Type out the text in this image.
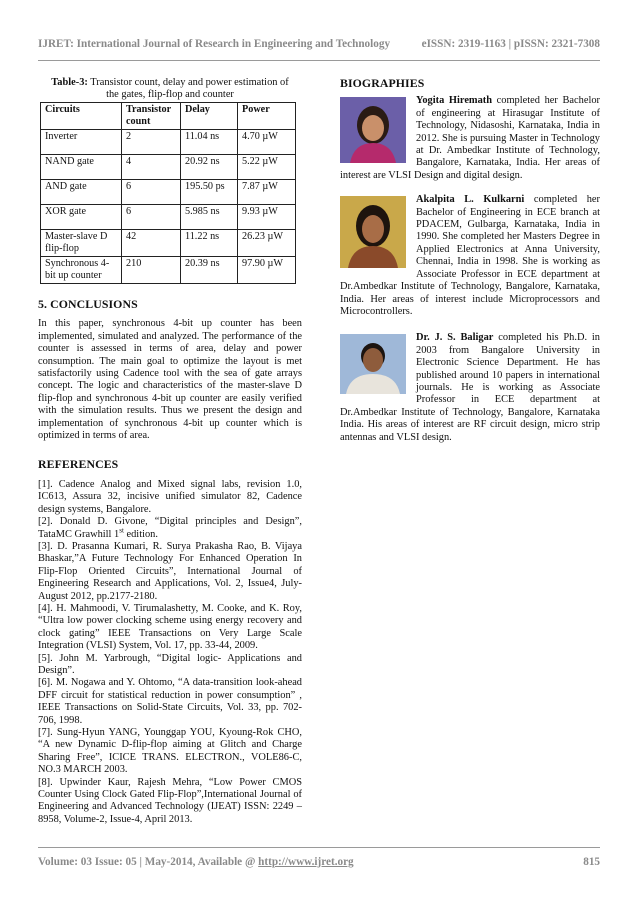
IJRET: International Journal of Research in Engineering and Technology	eISSN: 2319-1163 | pISSN: 2321-7308
Table-3: Transistor count, delay and power estimation of
the gates, flip-flop and counter
Circuits	Transistor count	Delay	Power
Inverter	2	11.04 ns	4.70 µW
NAND gate	4	20.92 ns	5.22 µW
AND gate	6	195.50 ps	7.87 µW
XOR gate	6	5.985 ns	9.93 µW
Master-slave D flip-flop	42	11.22 ns	26.23 µW
Synchronous 4-bit up counter	210	20.39 ns	97.90 µW
5. CONCLUSIONS

In this paper, synchronous 4-bit up counter has been implemented, simulated and analyzed. The performance of the counter is assessed in terms of area, delay and power consumption. The main goal to optimize the layout is met satisfactorily using Cadence tool with the sea of gate arrays concept. The logic and characteristics of the master-slave D flip-flop and synchronous 4-bit up counter are easily verified with the simulation results. Thus we present the design and implementation of synchronous 4-bit up counter which is optimized in terms of area.

REFERENCES

[1]. Cadence Analog and Mixed signal labs, revision 1.0, IC613, Assura 32, incisive unified simulator 82, Cadence design systems, Bangalore.

[2]. Donald D. Givone, “Digital principles and Design”, TataMC Grawhill 1st edition.

[3]. D. Prasanna Kumari, R. Surya Prakasha Rao, B. Vijaya Bhaskar,”A Future Technology For Enhanced Operation In Flip-Flop Oriented Circuits”, International Journal of Engineering Research and Applications, Vol. 2, Issue4, July-August 2012, pp.2177-2180.

[4]. H. Mahmoodi, V. Tirumalashetty, M. Cooke, and K. Roy, “Ultra low power clocking scheme using energy recovery and clock gating” IEEE Transactions on Very Large Scale Integration (VLSI) System, Vol. 17, pp. 33-44, 2009.

[5]. John M. Yarbrough, “Digital logic- Applications and Design”.

[6]. M. Nogawa and Y. Ohtomo, “A data-transition look-ahead DFF circuit for statistical reduction in power consumption” , IEEE Transactions on Solid-State Circuits, Vol. 33, pp. 702-706, 1998.

[7]. Sung-Hyun YANG, Younggap YOU, Kyoung-Rok CHO, “A new Dynamic D-flip-flop aiming at Glitch and Charge Sharing Free”, ICICE TRANS. ELECTRON., VOLE86-C, NO.3 MARCH 2003.

[8]. Upwinder Kaur, Rajesh Mehra, “Low Power CMOS Counter Using Clock Gated Flip-Flop”,International Journal of Engineering and Advanced Technology (IJEAT) ISSN: 2249 – 8958, Volume-2, Issue-4, April 2013.

BIOGRAPHIES
Yogita Hiremath completed her Bachelor of engineering at Hirasugar Institute of Technology, Nidasoshi, Karnataka, India in 2012. She is pursuing Master in Technology at Dr. Ambedkar Institute of Technology, Bangalore, Karnataka, India. Her areas of interest are VLSI Design and digital design.
Akalpita L. Kulkarni completed her Bachelor of Engineering in ECE branch at PDACEM, Gulbarga, Karnataka, India in 1990. She completed her Masters Degree in Applied Electronics at Anna University, Chennai, India in 1998. She is working as Associate Professor in ECE department at Dr.Ambedkar Institute of Technology, Bangalore, Karnataka, India. Her areas of interest include Microprocessors and Microcontrollers.
Dr. J. S. Baligar completed his Ph.D. in 2003 from Bangalore University in Electronic Science Department. He has published around 10 papers in international journals. He is working as Associate Professor in ECE department at Dr.Ambedkar Institute of Technology, Bangalore, Karnataka India. His areas of interest are RF circuit design, micro strip antennas and VLSI design.
Volume: 03 Issue: 05 | May-2014, Available @ http://www.ijret.org	815
